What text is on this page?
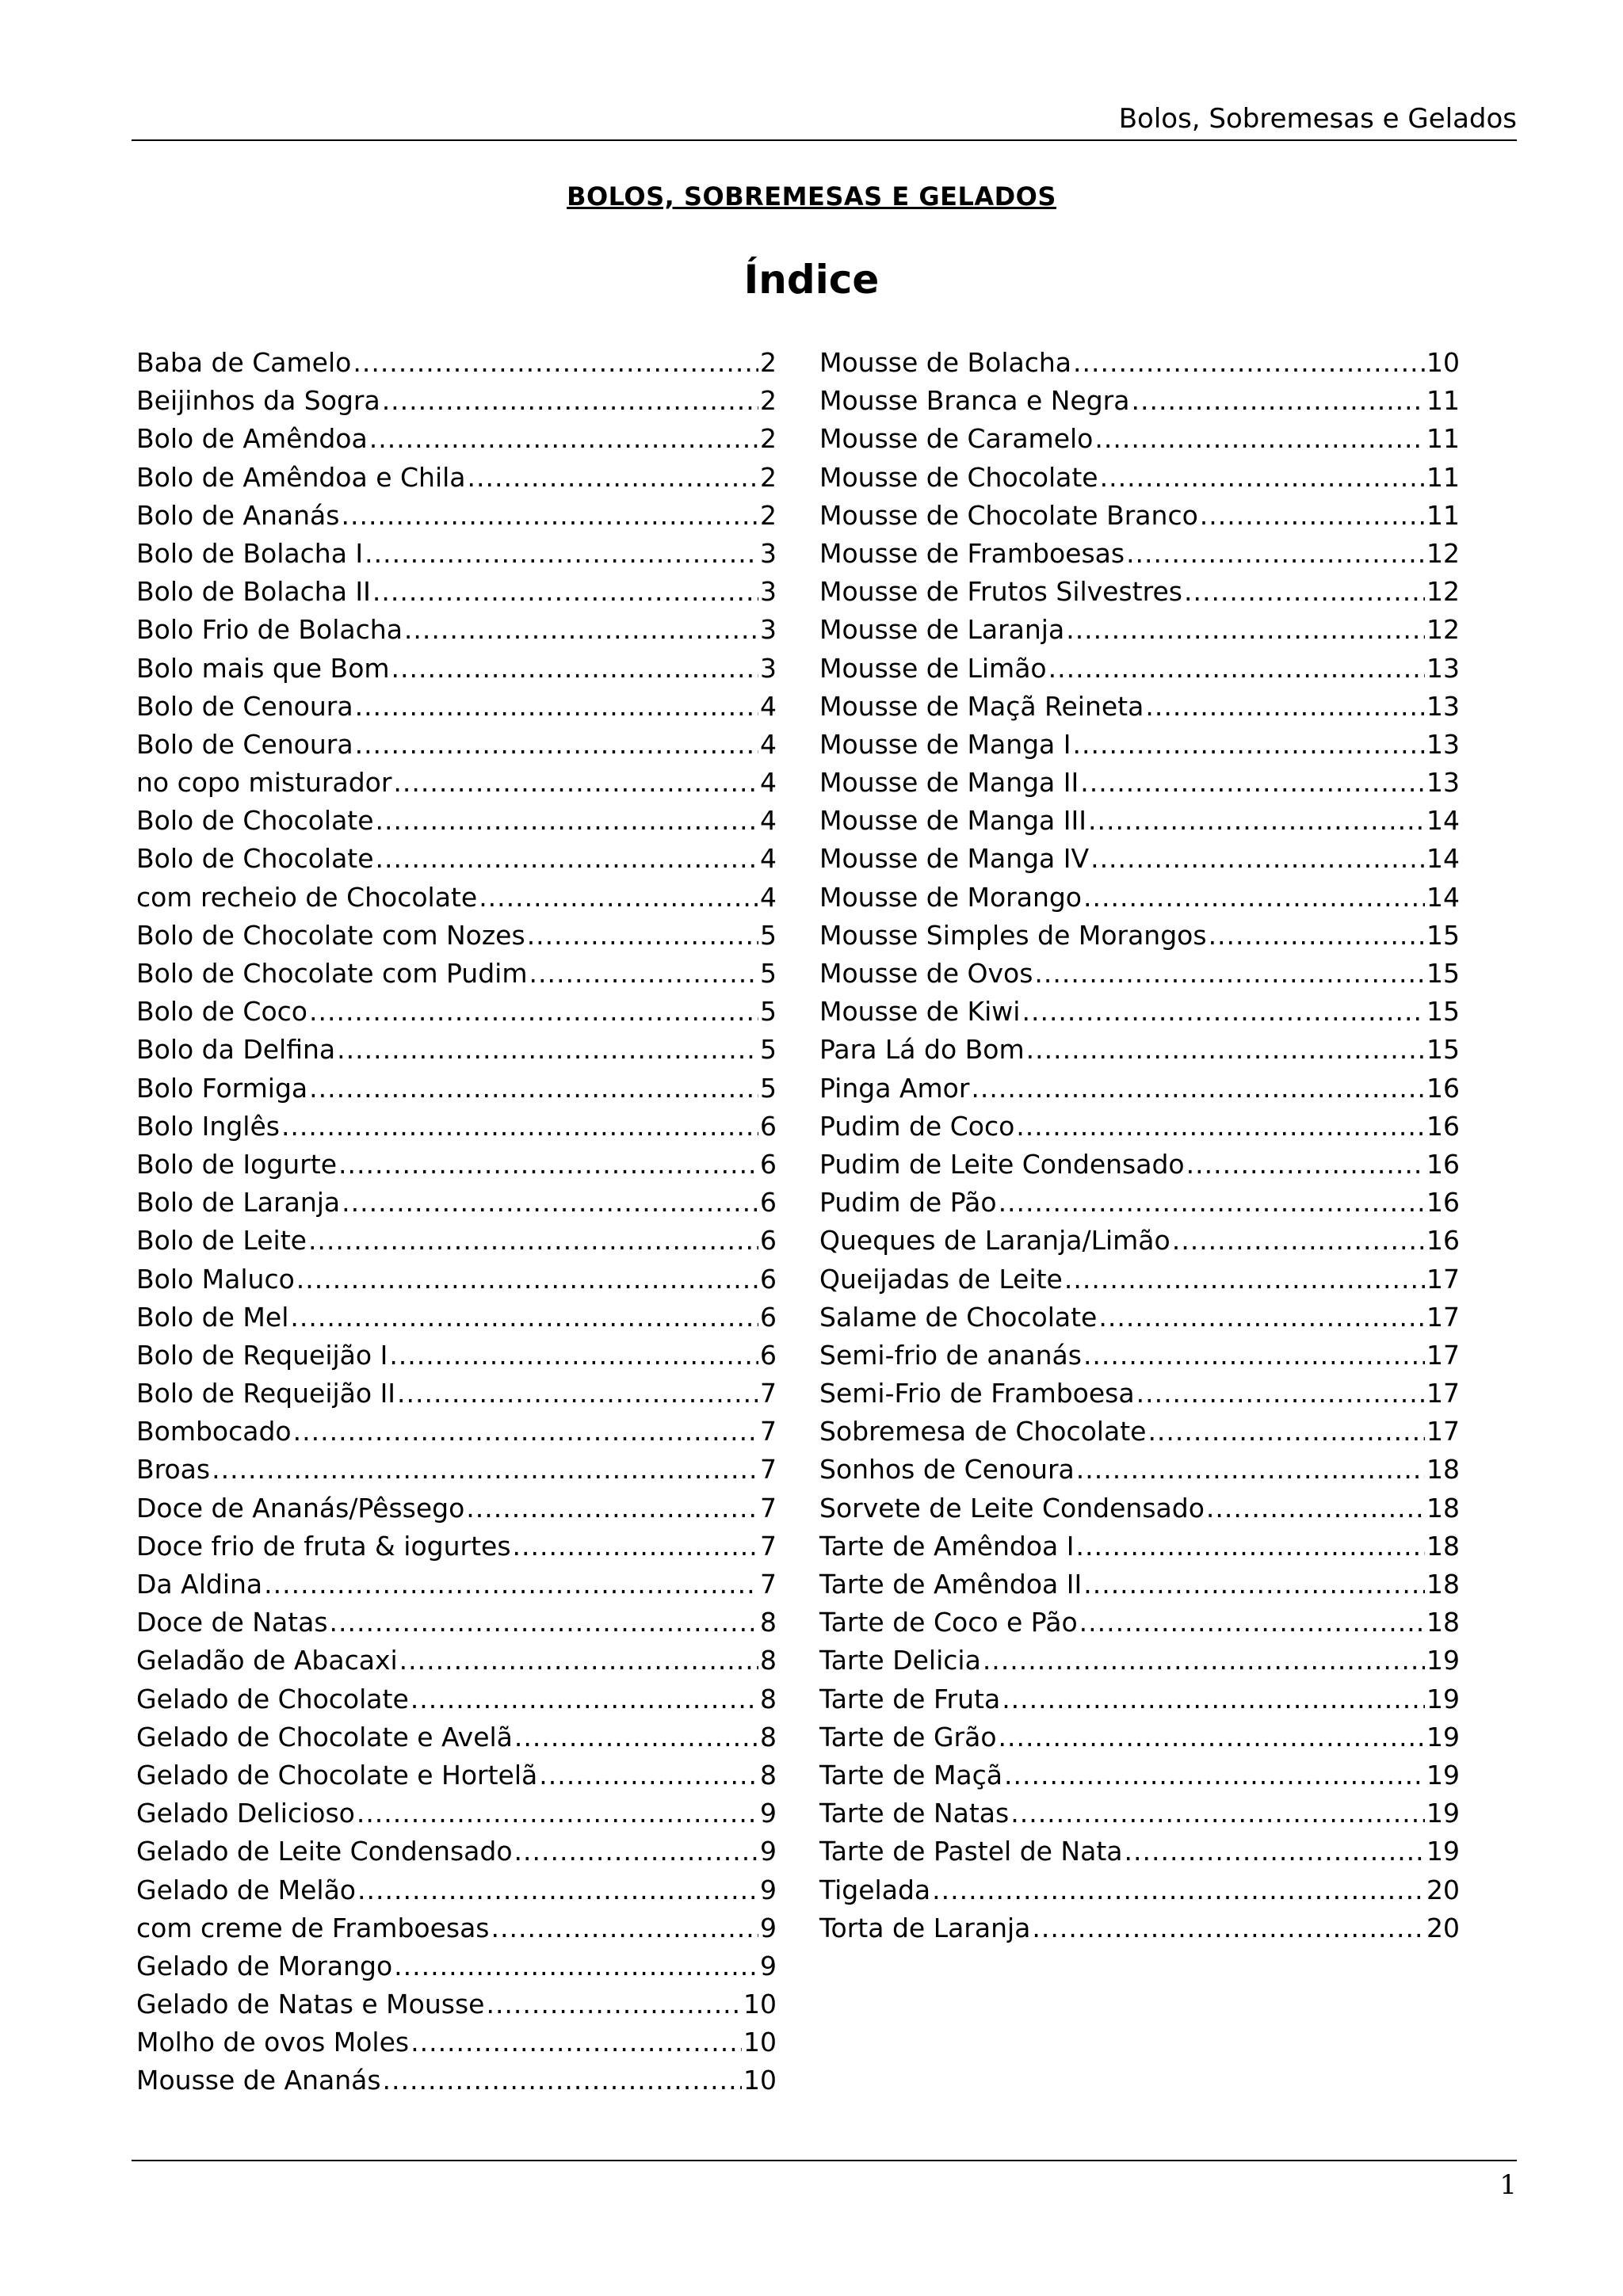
Bolos, Sobremesas e Gelados
BOLOS, SOBREMESAS E GELADOS
Índice
Baba de Camelo .....	2
Beijinhos da Sogra .....	2
Bolo de Amêndoa .....	2
Bolo de Amêndoa e Chila .....	2
Bolo de Ananás .....	2
Bolo de Bolacha I .....	3
Bolo de Bolacha II .....	3
Bolo Frio de Bolacha .....	3
Bolo mais que Bom .....	3
Bolo de Cenoura .....	4
Bolo de Cenoura .....	4
no copo misturador .....	4
Bolo de Chocolate .....	4
Bolo de Chocolate .....	4
com recheio de Chocolate .....	4
Bolo de Chocolate com Nozes .....	5
Bolo de Chocolate com Pudim .....	5
Bolo de Coco .....	5
Bolo da Delfina .....	5
Bolo Formiga .....	5
Bolo Inglês .....	6
Bolo de Iogurte .....	6
Bolo de Laranja .....	6
Bolo de Leite .....	6
Bolo Maluco .....	6
Bolo de Mel .....	6
Bolo de Requeijão I .....	6
Bolo de Requeijão II .....	7
Bombocado .....	7
Broas .....	7
Doce de Ananás/Pêssego .....	7
Doce frio de fruta & iogurtes .....	7
Da Aldina .....	7
Doce de Natas .....	8
Geladão de Abacaxi .....	8
Gelado de Chocolate .....	8
Gelado de Chocolate e Avelã .....	8
Gelado de Chocolate e Hortelã .....	8
Gelado Delicioso .....	9
Gelado de Leite Condensado .....	9
Gelado de Melão .....	9
com creme de Framboesas .....	9
Gelado de Morango .....	9
Gelado de Natas e Mousse .....	10
Molho de ovos Moles .....	10
Mousse de Ananás .....	10
Mousse de Bolacha .....	10
Mousse Branca e Negra .....	11
Mousse de Caramelo .....	11
Mousse de Chocolate .....	11
Mousse de Chocolate Branco .....	11
Mousse de Framboesas .....	12
Mousse de Frutos Silvestres .....	12
Mousse de Laranja .....	12
Mousse de Limão .....	13
Mousse de Maçã Reineta .....	13
Mousse de Manga I .....	13
Mousse de Manga II .....	13
Mousse de Manga III .....	14
Mousse de Manga IV .....	14
Mousse de Morango .....	14
Mousse Simples de Morangos .....	15
Mousse de Ovos .....	15
Mousse de Kiwi .....	15
Para Lá do Bom .....	15
Pinga Amor .....	16
Pudim de Coco .....	16
Pudim de Leite Condensado .....	16
Pudim de Pão .....	16
Queques de Laranja/Limão .....	16
Queijadas de Leite .....	17
Salame de Chocolate .....	17
Semi-frio de ananás .....	17
Semi-Frio de Framboesa .....	17
Sobremesa de Chocolate .....	17
Sonhos de Cenoura .....	18
Sorvete de Leite Condensado .....	18
Tarte de Amêndoa I .....	18
Tarte de Amêndoa II .....	18
Tarte de Coco e Pão .....	18
Tarte Delicia .....	19
Tarte de Fruta .....	19
Tarte de Grão .....	19
Tarte de Maçã .....	19
Tarte de Natas .....	19
Tarte de Pastel de Nata .....	19
Tigelada .....	20
Torta de Laranja .....	20
1
